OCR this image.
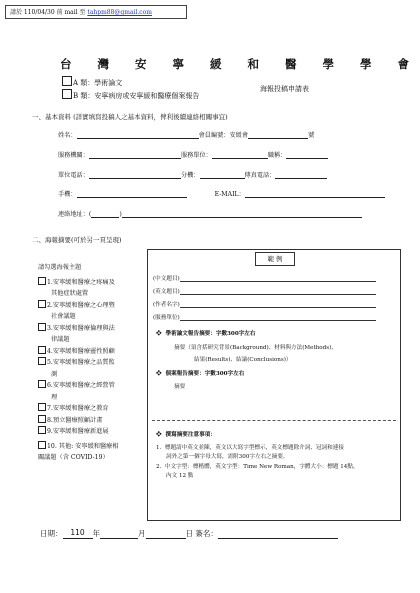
請於 110/04/30 前 mail 至 tahpm88@gmail.com
台 灣 安 寧 緩 和 醫 學 學 會
A 類：學術論文
B 類：安寧病房或安寧緩和醫療個案報告
海報投稿申請表
一、基本資料 (詳實填寫投稿人之基本資料，俾利後續連絡相關事宜)
姓名：	會員編號：安緩會	號
服務機關：	服務單位：	職稱：
單位電話：	分機：	傳真電話：
手機：	E-MAIL：
連絡地址：(	)
二、海報摘要(可於另一頁呈現)
請勾選海報主題
1.安寧緩和醫療之疼痛及
其他症狀處置
2.安寧緩和醫療之心理暨
社會議題
3.安寧緩和醫療倫理與法
律議題
4.安寧緩和醫療靈性照顧
5.安寧緩和醫療之品質監
測
6.安寧緩和醫療之經營管
理
7.安寧緩和醫療之教育
8.預立醫療照顧計畫
9.安寧緩和醫療新進展
10. 其他: 安寧緩和醫療相
關議題（含 COVID-19）
範 例
(中文題目)
(英文題目)
(作者名字)
(服務單位)
❖  學術論文報告摘要：字數300字左右
摘要（須含括研究背景(Background)、材料與方法(Methods)、
結果(Results)、結論(Conclusions)）
❖  個案報告摘要：字數300字左右
摘要
❖  撰寫摘要注意事項：
1. 標題請中英文並陳，英文以大寫字型標示，英文標題除介詞、冠詞和連接
詞外之第一個字母大寫，需附300字左右之摘要。
2. 中文字型：標楷體，英文字型：Time New Roman，字體大小：標題 14點，
內文 12 點
日期： 110 年	月	日 簽名：
